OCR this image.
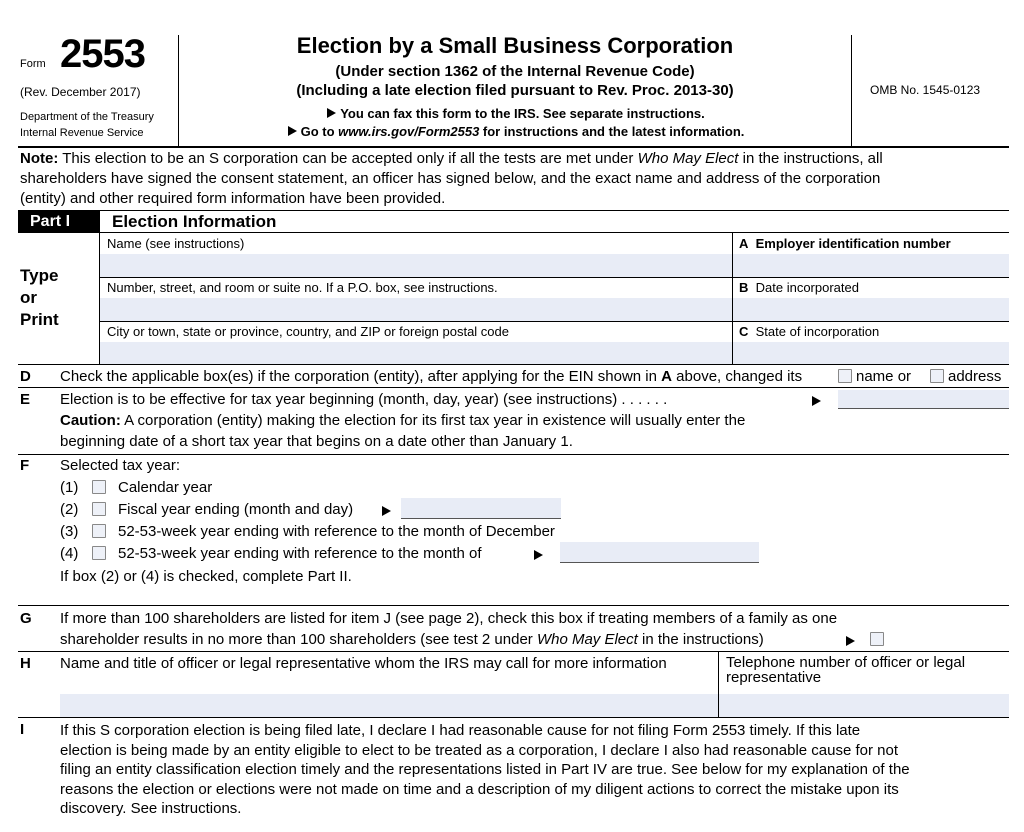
Form 2553
(Rev. December 2017)
Department of the Treasury
Internal Revenue Service
Election by a Small Business Corporation
(Under section 1362 of the Internal Revenue Code)
(Including a late election filed pursuant to Rev. Proc. 2013-30)
You can fax this form to the IRS. See separate instructions.
Go to www.irs.gov/Form2553 for instructions and the latest information.
OMB No. 1545-0123
Note: This election to be an S corporation can be accepted only if all the tests are met under Who May Elect in the instructions, all
shareholders have signed the consent statement, an officer has signed below, and the exact name and address of the corporation
(entity) and other required form information have been provided.
Part I	Election Information
Type
or
Print
Name (see instructions)	A Employer identification number
Number, street, and room or suite no. If a P.O. box, see instructions.	B Date incorporated
City or town, state or province, country, and ZIP or foreign postal code	C State of incorporation
D Check the applicable box(es) if the corporation (entity), after applying for the EIN shown in A above, changed its	name or address
E Election is to be effective for tax year beginning (month, day, year) (see instructions) . . . . . .
Caution: A corporation (entity) making the election for its first tax year in existence will usually enter the
beginning date of a short tax year that begins on a date other than January 1.
F Selected tax year:
(1)	Calendar year
(2)	Fiscal year ending (month and day)
(3)	52-53-week year ending with reference to the month of December
(4)	52-53-week year ending with reference to the month of
If box (2) or (4) is checked, complete Part II.
G If more than 100 shareholders are listed for item J (see page 2), check this box if treating members of a family as one
shareholder results in no more than 100 shareholders (see test 2 under Who May Elect in the instructions)
H Name and title of officer or legal representative whom the IRS may call for more information	Telephone number of officer or legal
representative
I If this S corporation election is being filed late, I declare I had reasonable cause for not filing Form 2553 timely. If this late
election is being made by an entity eligible to elect to be treated as a corporation, I declare I also had reasonable cause for not
filing an entity classification election timely and the representations listed in Part IV are true. See below for my explanation of the
reasons the election or elections were not made on time and a description of my diligent actions to correct the mistake upon its
discovery. See instructions.
